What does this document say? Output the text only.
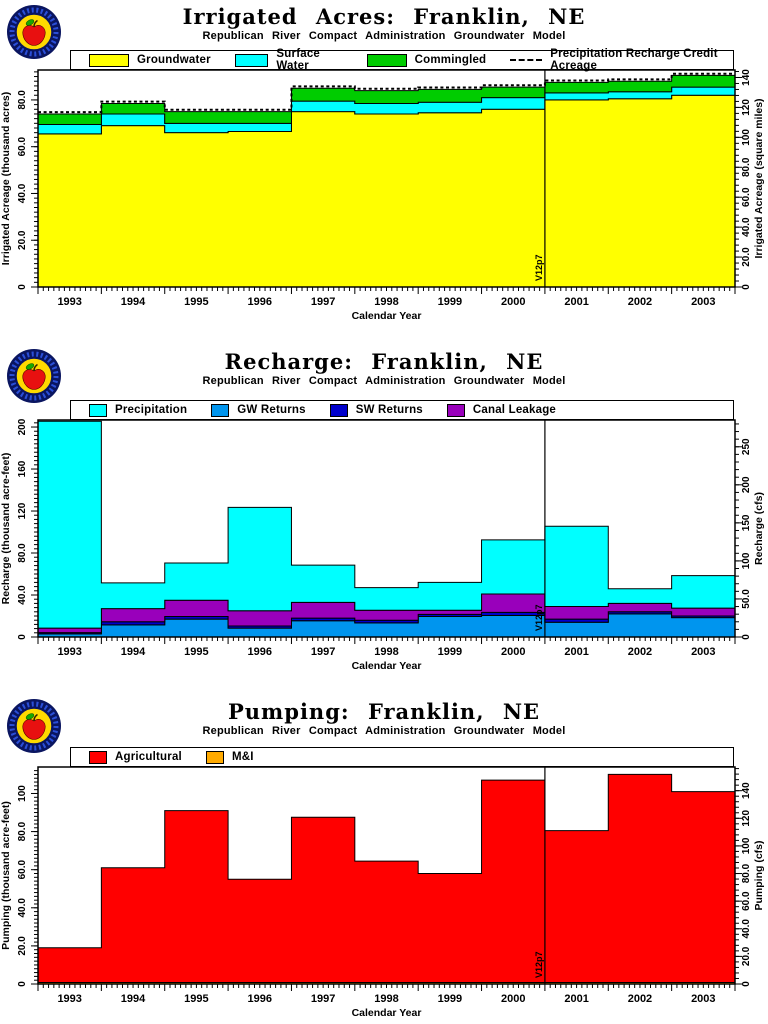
Irrigated Acres: Franklin, NE
Republican River Compact Administration Groundwater Model
Groundwater	Surface Water	Commingled	Precipitation Recharge Credit Acreage
V12p7
1993	1994	1995	1996	1997	1998	1999	2000	2001	2002	2003
Calendar Year
0
20.0
40.0
60.0
80.0
Irrigated Acreage (thousand acres)
0
20.0
40.0
60.0
80.0
100
120
140
Irrigated Acreage (square miles)
Recharge: Franklin, NE
Republican River Compact Administration Groundwater Model
Precipitation	GW Returns	SW Returns	Canal Leakage
V12p7
1993	1994	1995	1996	1997	1998	1999	2000	2001	2002	2003
Calendar Year
0
40.0
80.0
120
160
200
Recharge (thousand acre-feet)
0
50.0
100
150
200
250
Recharge (cfs)
Pumping: Franklin, NE
Republican River Compact Administration Groundwater Model
Agricultural	M&I
V12p7
1993	1994	1995	1996	1997	1998	1999	2000	2001	2002	2003
Calendar Year
0
20.0
40.0
60.0
80.0
100
Pumping (thousand acre-feet)
0
20.0
40.0
60.0
80.0
100
120
140
Pumping (cfs)
